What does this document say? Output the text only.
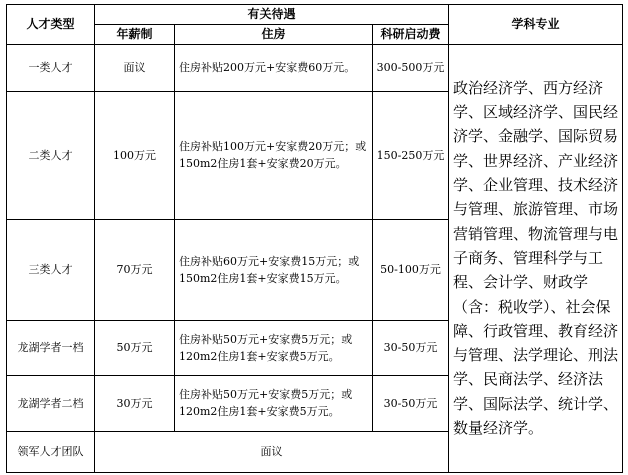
人才类型	有关待遇			学科专业
	年薪制	住房	科研启动费	
一类人才	面议	住房补贴200万元+安家费60万元。	300-500万元	政治经济学、西方经济学、区域经济学、国民经济学、金融学、国际贸易学、世界经济、产业经济学、企业管理、技术经济与管理、旅游管理、市场营销管理、物流管理与电子商务、管理科学与工程、会计学、财政学（含：税收学）、社会保障、行政管理、教育经济与管理、法学理论、刑法学、民商法学、经济法学、国际法学、统计学、数量经济学。
二类人才	100万元	住房补贴100万元+安家费20万元；或150m2住房1套+安家费20万元。	150-250万元	
三类人才	70万元	住房补贴60万元+安家费15万元；或150m2住房1套+安家费15万元。	50-100万元	
龙湖学者一档	50万元	住房补贴50万元+安家费5万元；或120m2住房1套+安家费5万元。	30-50万元	
龙湖学者二档	30万元	住房补贴50万元+安家费5万元；或120m2住房1套+安家费5万元。	30-50万元	
领军人才团队	面议			
